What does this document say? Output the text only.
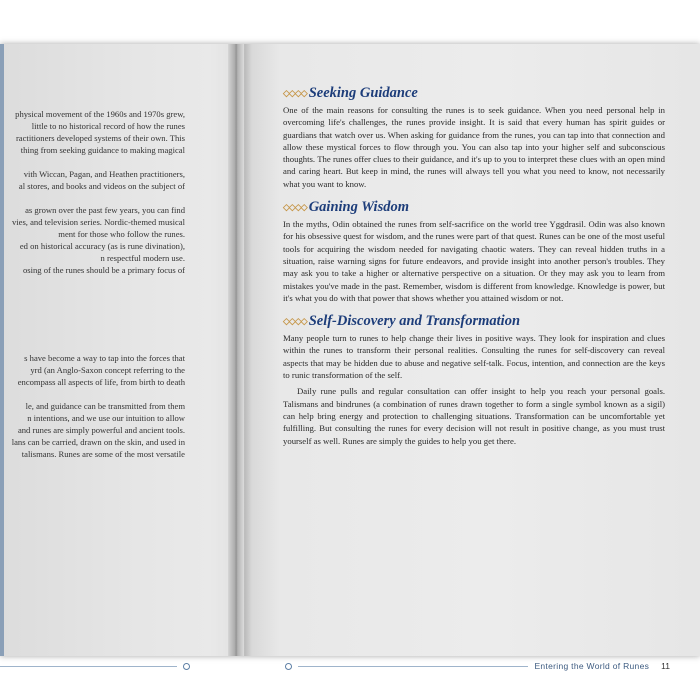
physical movement of the 1960s and 1970s grew,
little to no historical record of how the runes
ractitioners developed systems of their own. This
thing from seeking guidance to making magical

vith Wiccan, Pagan, and Heathen practitioners,
al stores, and books and videos on the subject of

as grown over the past few years, you can find
vies, and television series. Nordic-themed musical
ment for those who follow the runes.
ed on historical accuracy (as is rune divination),
n respectful modern use.
osing of the runes should be a primary focus of
s have become a way to tap into the forces that
yrd (an Anglo-Saxon concept referring to the
encompass all aspects of life, from birth to death

le, and guidance can be transmitted from them
n intentions, and we use our intuition to allow
and runes are simply powerful and ancient tools.
lans can be carried, drawn on the skin, and used in
talismans. Runes are some of the most versatile
◇◇◇◇ Seeking Guidance
One of the main reasons for consulting the runes is to seek guidance. When you need personal help in overcoming life's challenges, the runes provide insight. It is said that every human has spirit guides or guardians that watch over us. When asking for guidance from the runes, you can tap into that connection and allow these mystical forces to flow through you. You can also tap into your higher self and subconscious thoughts. The runes offer clues to their guidance, and it's up to you to interpret these clues with an open mind and caring heart. But keep in mind, the runes will always tell you what you need to know, not necessarily what you want to know.
◇◇◇◇ Gaining Wisdom
In the myths, Odin obtained the runes from self-sacrifice on the world tree Yggdrasil. Odin was also known for his obsessive quest for wisdom, and the runes were part of that quest. Runes can be one of the most useful tools for acquiring the wisdom needed for navigating chaotic waters. They can reveal hidden truths in a situation, raise warning signs for future endeavors, and provide insight into another person's troubles. They may ask you to take a higher or alternative perspective on a situation. Or they may ask you to learn from mistakes you've made in the past. Remember, wisdom is different from knowledge. Knowledge is power, but it's what you do with that power that shows whether you attained wisdom or not.
◇◇◇◇ Self-Discovery and Transformation
Many people turn to runes to help change their lives in positive ways. They look for inspiration and clues within the runes to transform their personal realities. Consulting the runes for self-discovery can reveal aspects that may be hidden due to abuse and negative self-talk. Focus, intention, and connection are the keys to runic transformation of the self.
Daily rune pulls and regular consultation can offer insight to help you reach your personal goals. Talismans and bindrunes (a combination of runes drawn together to form a single symbol known as a sigil) can help bring energy and protection to challenging situations. Transformation can be uncomfortable yet fulfilling. But consulting the runes for every decision will not result in positive change, as you must trust yourself as well. Runes are simply the guides to help you get there.
Entering the World of Runes 11
